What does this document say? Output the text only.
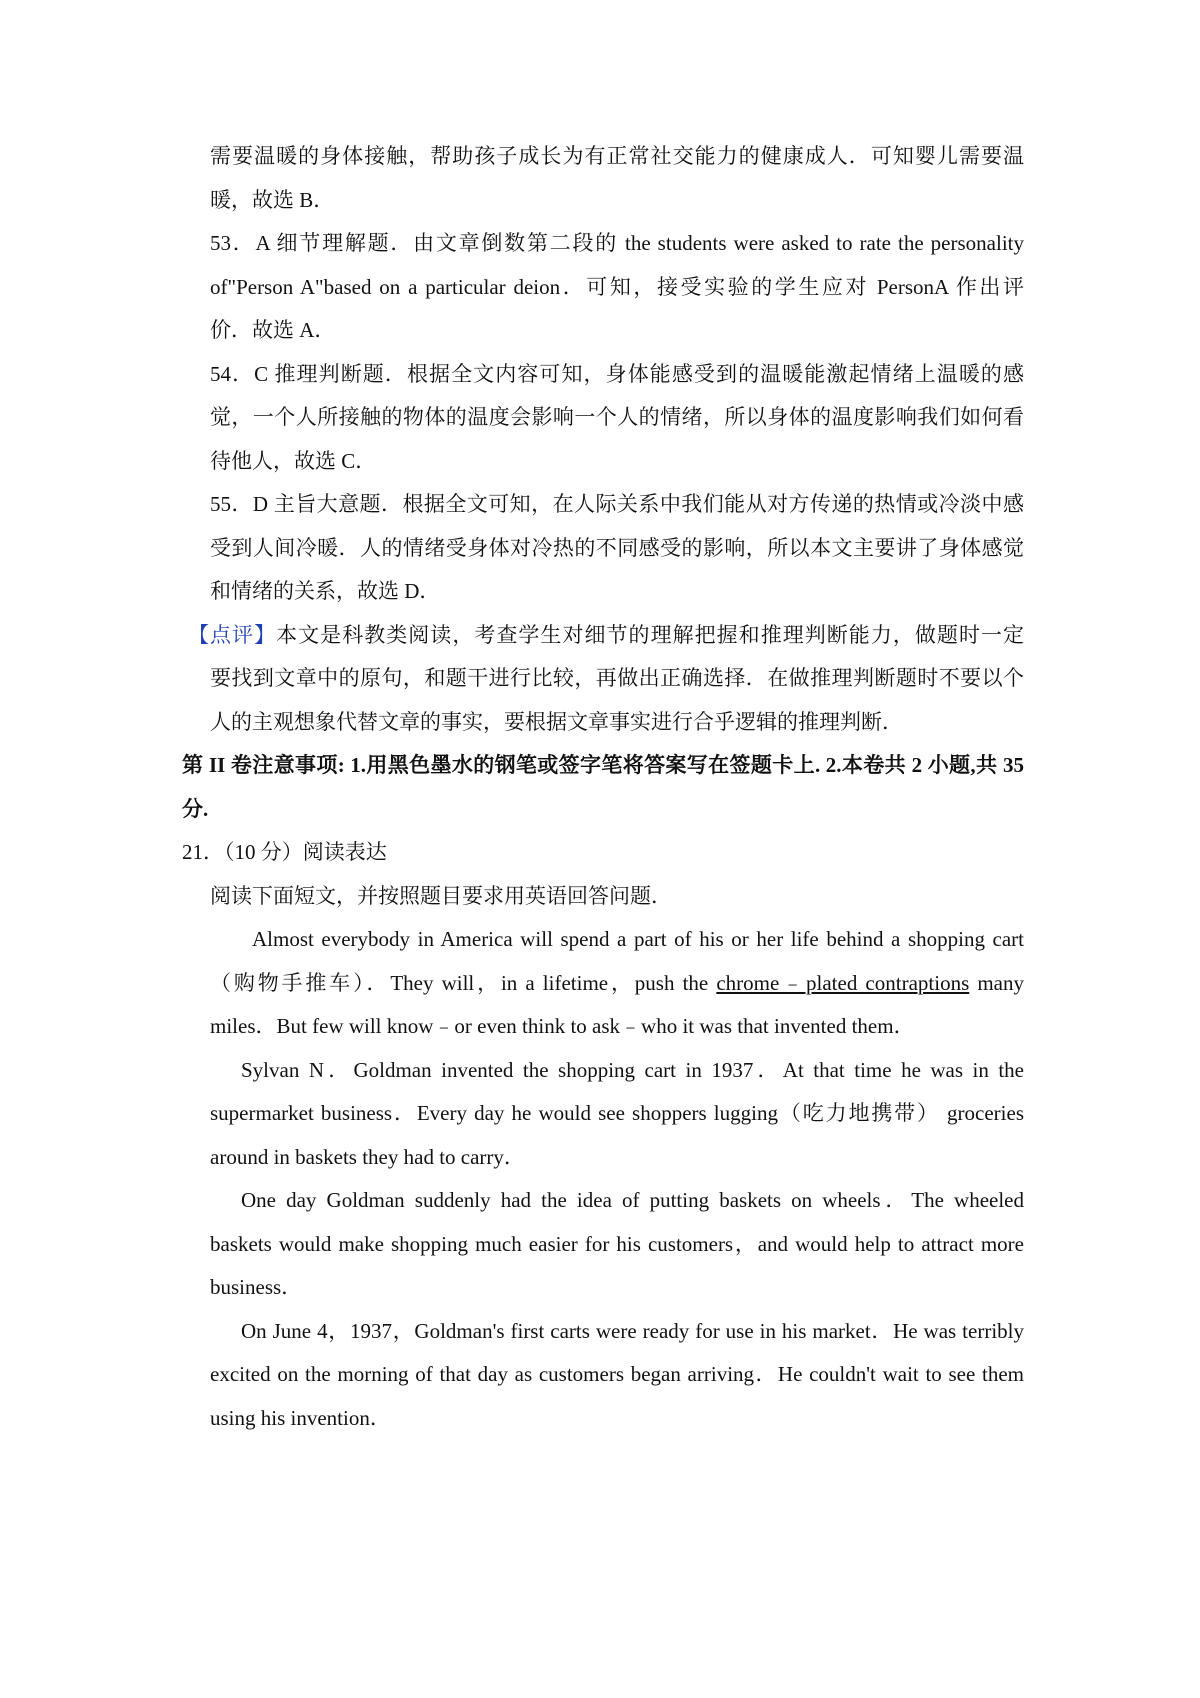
需要温暖的身体接触，帮助孩子成长为有正常社交能力的健康成人．可知婴儿需要温
暖，故选 B．
53．A 细节理解题．由文章倒数第二段的 the students were asked to rate the personality
of"Person A"based on a particular deion．可知，接受实验的学生应对 PersonA 作出评
价．故选 A．
54．C 推理判断题．根据全文内容可知，身体能感受到的温暖能激起情绪上温暖的感
觉，一个人所接触的物体的温度会影响一个人的情绪，所以身体的温度影响我们如何看
待他人，故选 C．
55．D 主旨大意题．根据全文可知，在人际关系中我们能从对方传递的热情或冷淡中感
受到人间冷暖．人的情绪受身体对冷热的不同感受的影响，所以本文主要讲了身体感觉
和情绪的关系，故选 D．
【点评】本文是科教类阅读，考查学生对细节的理解把握和推理判断能力，做题时一定
要找到文章中的原句，和题干进行比较，再做出正确选择．在做推理判断题时不要以个
人的主观想象代替文章的事实，要根据文章事实进行合乎逻辑的推理判断．
第 II 卷注意事项: 1.用黑色墨水的钢笔或签字笔将答案写在签题卡上. 2.本卷共 2 小题,共 35
分.
21．（10 分）阅读表达
阅读下面短文，并按照题目要求用英语回答问题．
Almost everybody in America will spend a part of his or her life behind a shopping cart
（购物手推车）．They will，in a lifetime，push the chrome﹣plated contraptions many
miles．But few will know﹣or even think to ask﹣who it was that invented them．
Sylvan N．Goldman invented the shopping cart in 1937．At that time he was in the
supermarket business．Every day he would see shoppers lugging（吃力地携带） groceries
around in baskets they had to carry．
One day Goldman suddenly had the idea of putting baskets on wheels．The wheeled
baskets would make shopping much easier for his customers，and would help to attract more
business．
On June 4，1937，Goldman's first carts were ready for use in his market．He was terribly
excited on the morning of that day as customers began arriving．He couldn't wait to see them
using his invention．
